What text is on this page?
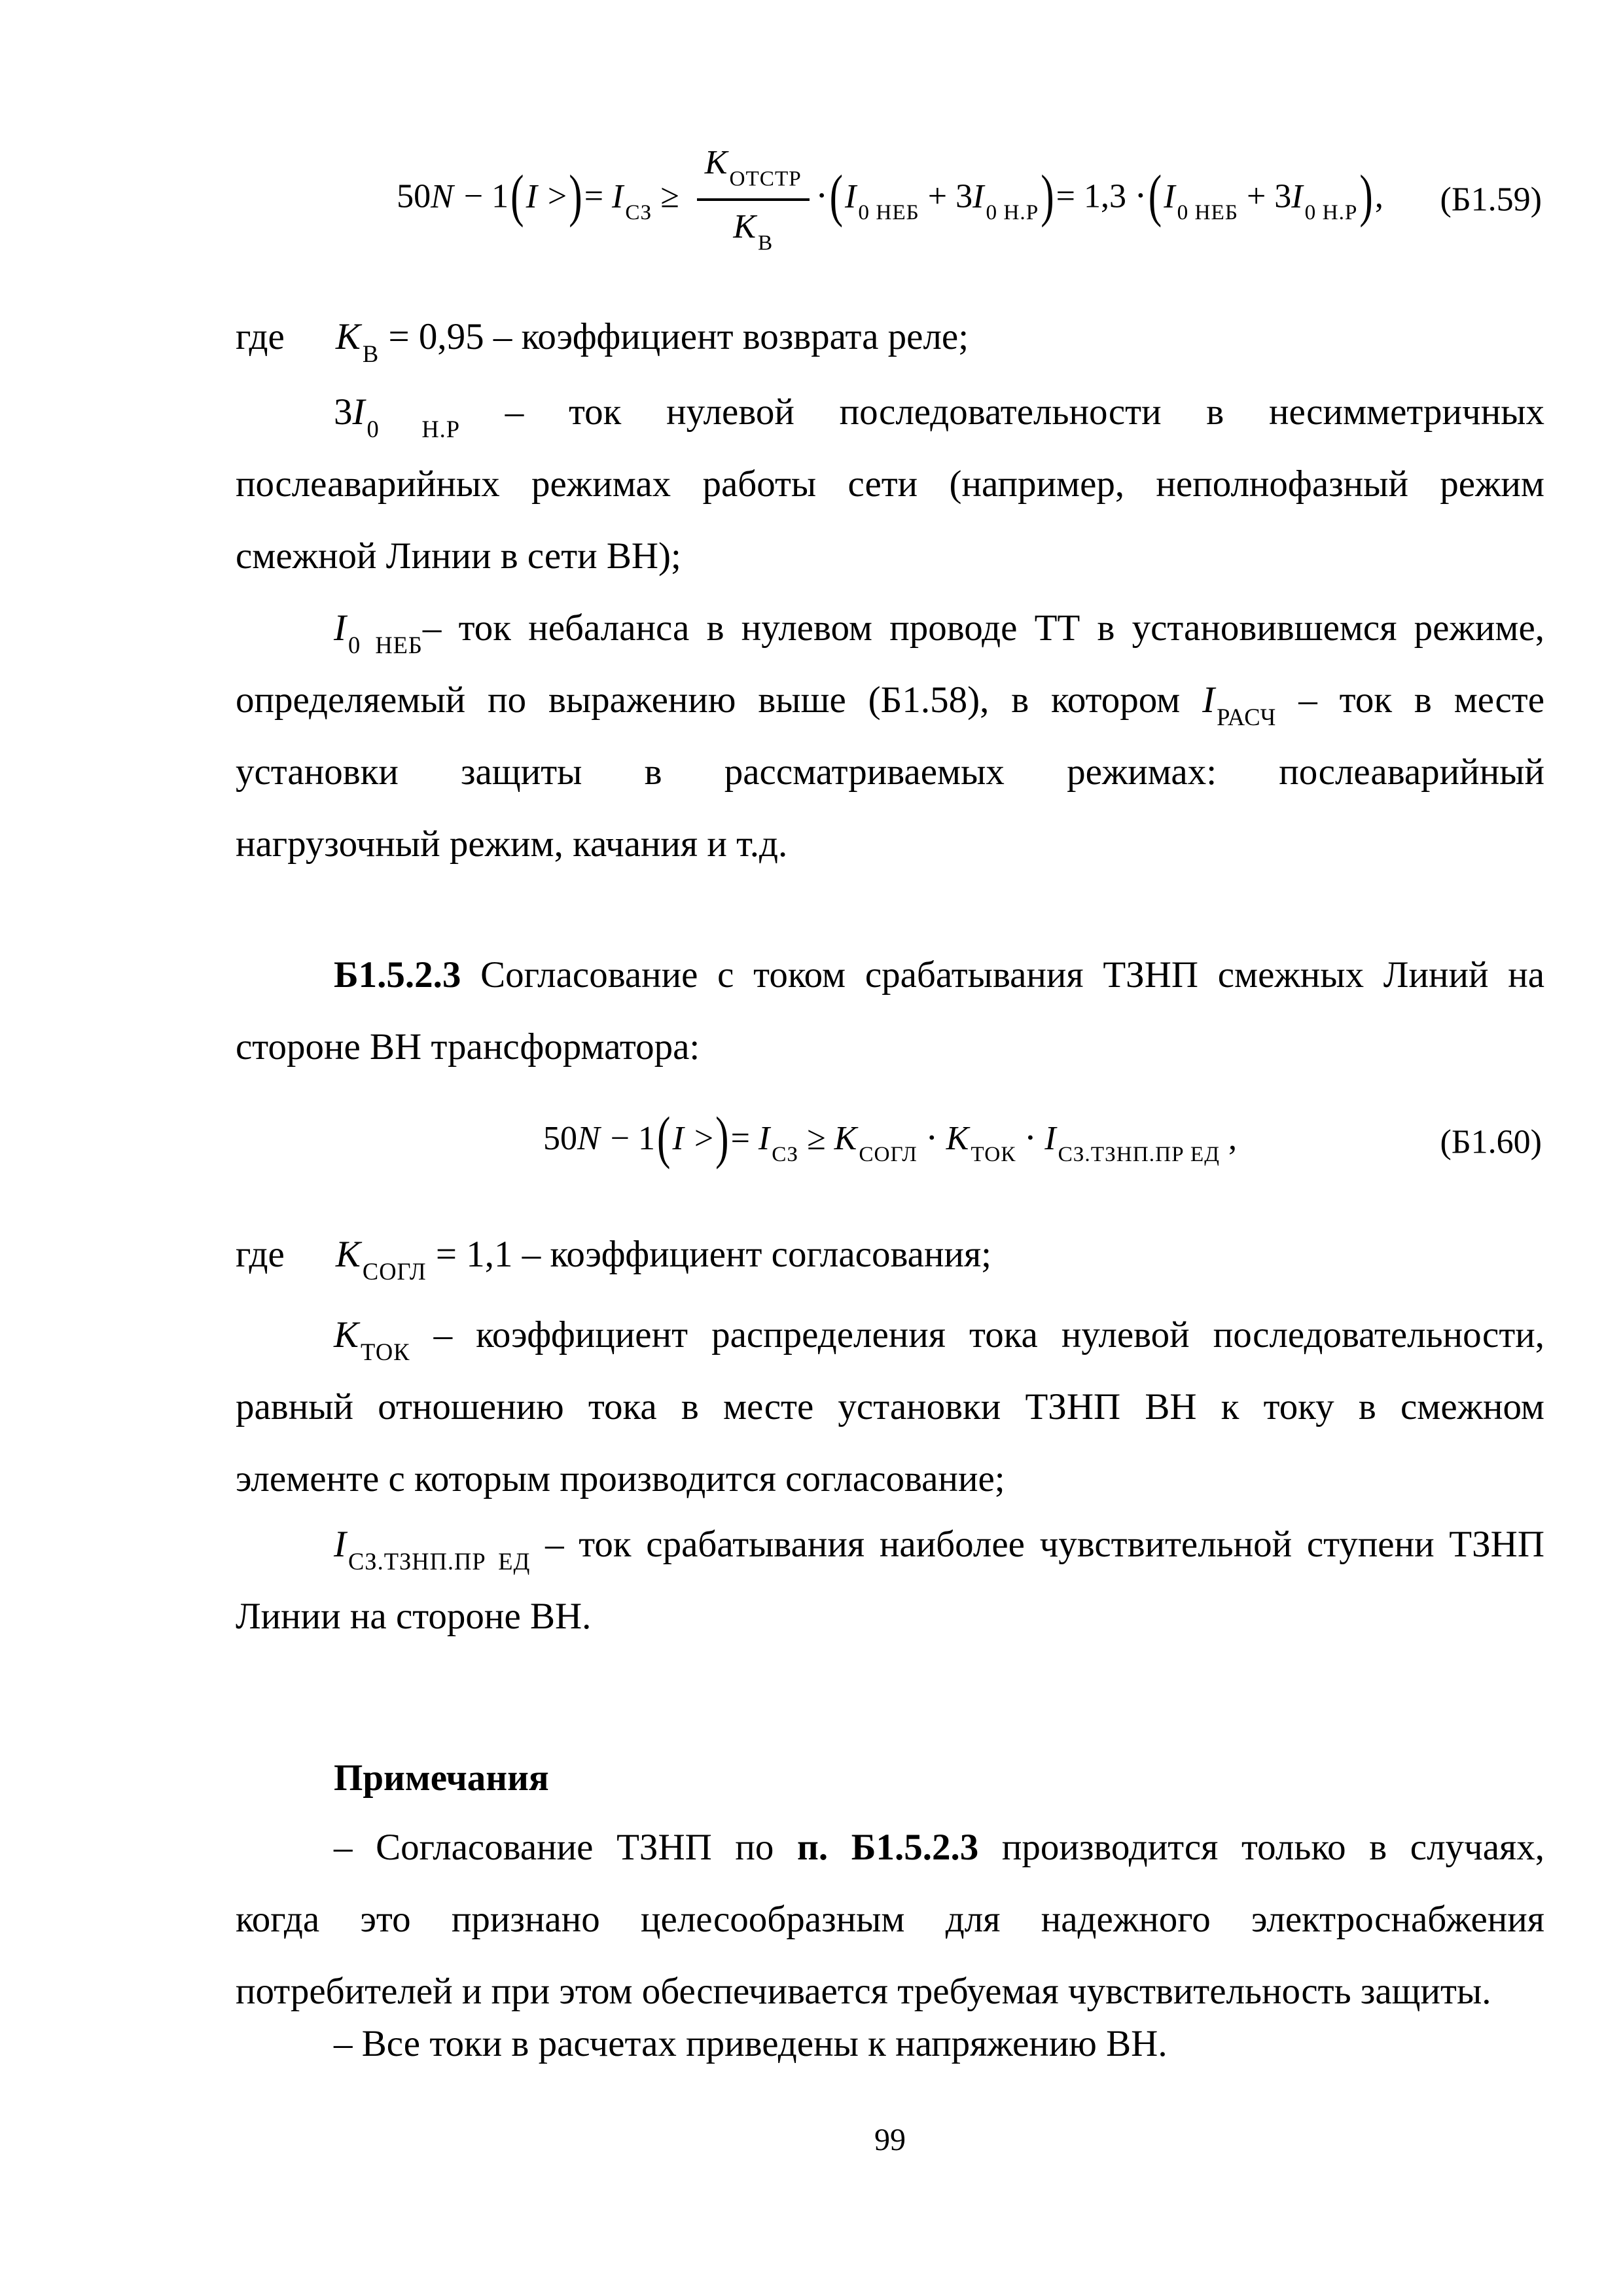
50N − 1(I >)= $I_{СЗ}$ ≥
$K_{ОТСТР}$
$K_В$
$\cdot(I_{0 НЕБ} + 3I_{0 Н.Р})= 1,3 \cdot(I_{0 НЕБ} + 3I_{0 Н.Р})$, (Б1.59)
где $K_В = 0,95$ – коэффициент возврата реле;
$3I_{0 Н.Р}$ – ток нулевой последовательности в несимметричных
послеаварийных режимах работы сети (например, неполнофазный режим
смежной Линии в сети ВН);
$I_{0 НЕБ}-$ ток небаланса в нулевом проводе ТТ в установившемся режиме,
определяемый по выражению выше (Б1.58), в котором $I_{РАСЧ}$ – ток в месте
установки защиты в рассматриваемых режимах: послеаварийный
нагрузочный режим, качания и т.д.
Б1.5.2.3 Согласование с током срабатывания ТЗНП смежных Линий на
стороне ВН трансформатора:
50N − 1(I >)= $I_{СЗ} \ge K_{СОГЛ} \cdot K_{ТОК} \cdot I_{СЗ.ТЗНП.ПР ЕД}$ ,	(Б1.60)
где $K_{СОГЛ} = 1,1$ – коэффициент согласования;
$K_{ТОК}$ – коэффициент распределения тока нулевой последовательности,
равный отношению тока в месте установки ТЗНП ВН к току в смежном
элементе с которым производится согласование;
$I_{СЗ.ТЗНП.ПР ЕД}$ – ток срабатывания наиболее чувствительной ступени ТЗНП
Линии на стороне ВН.
Примечания
– Согласование ТЗНП по п. Б1.5.2.3 производится только в случаях,
когда это признано целесообразным для надежного электроснабжения
потребителей и при этом обеспечивается требуемая чувствительность защиты.
– Все токи в расчетах приведены к напряжению ВН.
99
